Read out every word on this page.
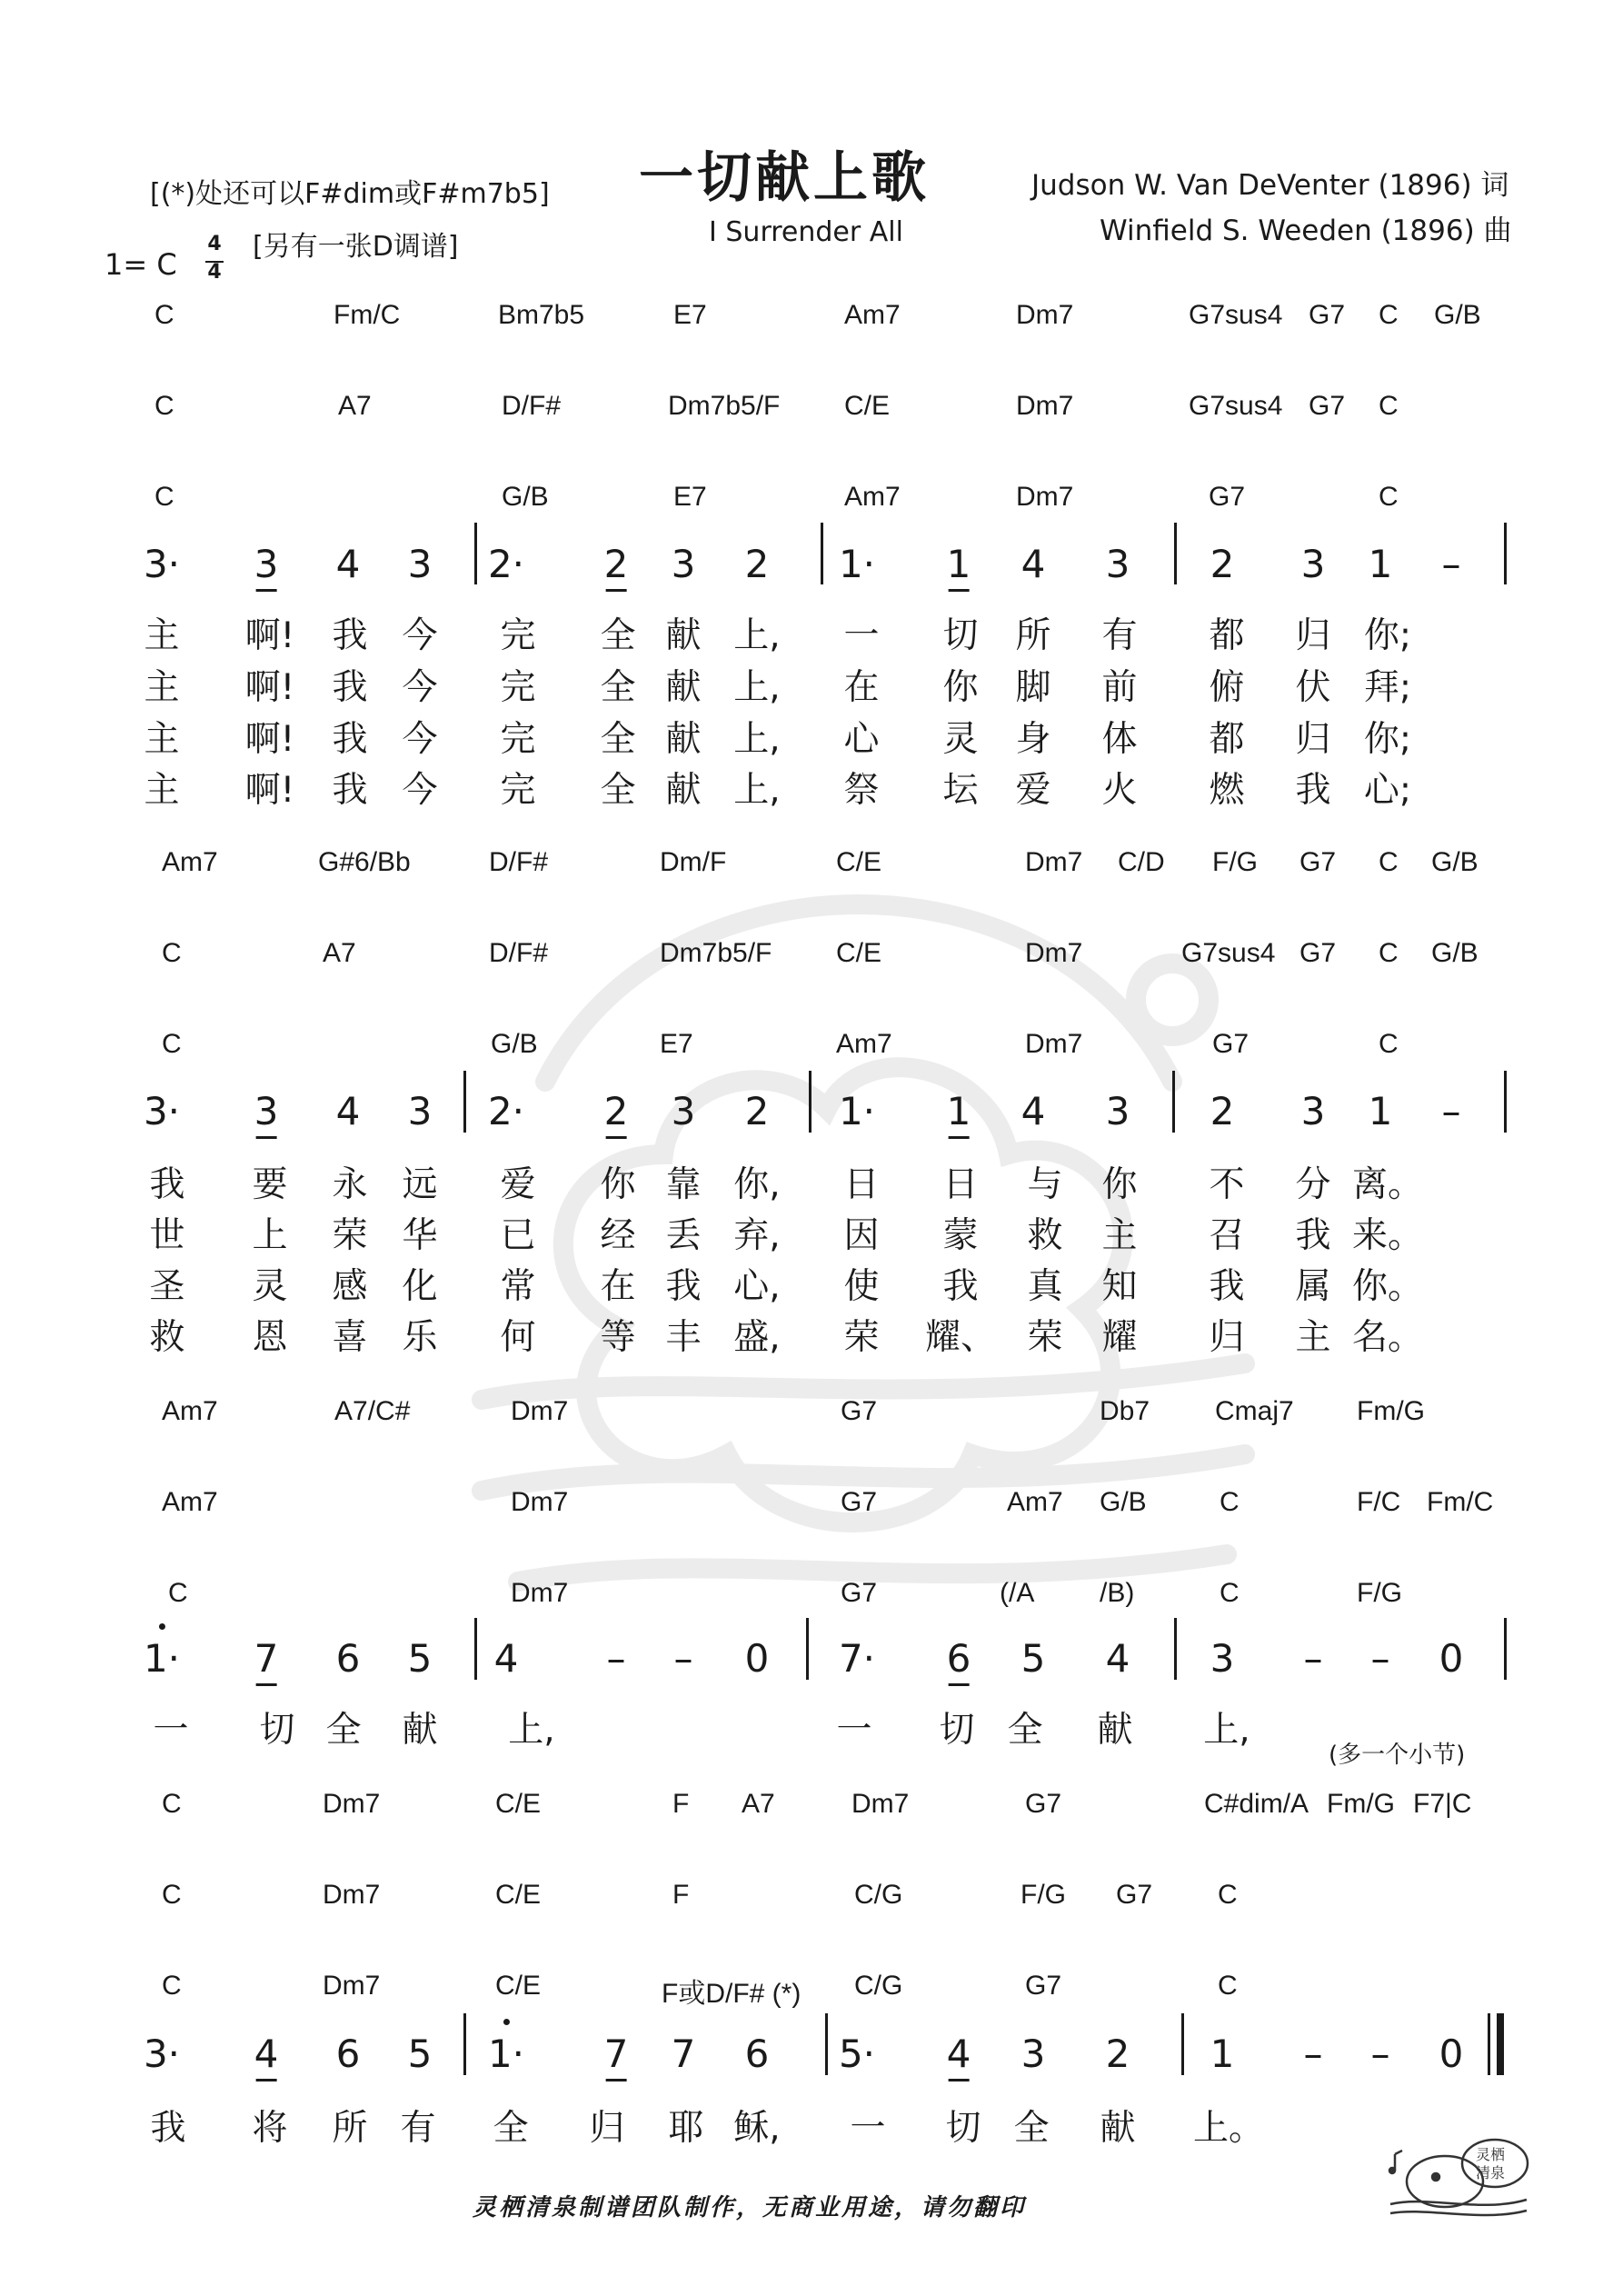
[(*)处还可以F#dim或F#m7b5] 一切献上歌
I Surrender All
Judson W. Van DeVenter (1896) 词
Winfield S. Weeden (1896) 曲
1= C
4
4
[另有一张D调谱]
C	Fm/C	Bm7b5	E7	Am7	Dm7	G7sus4 G7 C G/B
C	A7	D/F#	Dm7b5/F C/E	Dm7	G7sus4 G7 C
C	G/B	E7	Am7	Dm7	G7	C
3· 3 4 3 2· 2 3 2 1· 1 4 3 2 3 1 –
主 啊! 我 今 完 全 献 上, 一 切 所 有 都 归 你;
主 啊! 我 今 完 全 献 上, 在 你 脚 前 俯 伏 拜;
主 啊! 我 今 完 全 献 上, 心 灵 身 体 都 归 你;
主 啊! 我 今 完 全 献 上, 祭 坛 爱 火 燃 我 心;
Am7	G#6/Bb	D/F#	Dm/F	C/E	Dm7 C/D F/G G7 C G/B
C	A7	D/F#	Dm7b5/F C/E	Dm7	G7sus4 G7 C G/B
C	G/B	E7	Am7	Dm7	G7	C
3· 3 4 3 2· 2 3 2 1· 1 4 3 2 3 1 –
我 要 永 远 爱 你 靠 你, 日 日 与 你 不 分 离。
世 上 荣 华 已 经 丢 弃, 因 蒙 救 主 召 我 来。
圣 灵 感 化 常 在 我 心, 使 我 真 知 我 属 你。
救 恩 喜 乐 何 等 丰 盛, 荣 耀、 荣 耀 归 主 名。
Am7	A7/C#	Dm7	G7	Db7 Cmaj7 Fm/G
Am7	Dm7	G7	Am7 G/B	C	F/C Fm/C
C	Dm7	G7	(/A /B)	C	F/G
1· 7 6 5 4 – – 0 7· 6 5 4 3 – – 0
一 切 全 献 上,	一 切 全 献 上,
(多一个小节)
C	Dm7	C/E	F A7	Dm7	G7	C#dim/A Fm/G F7|C
C	Dm7	C/E	F	C/G	F/G G7 C
C	Dm7	C/E	F或D/F# (*) C/G	G7	C
3· 4 6 5 1· 7 7 6 5· 4 3 2 1 – – 0
我 将 所 有 全 归 耶 稣, 一 切 全 献 上。
灵栖清泉制谱团队制作，无商业用途，请勿翻印
灵栖
清泉
